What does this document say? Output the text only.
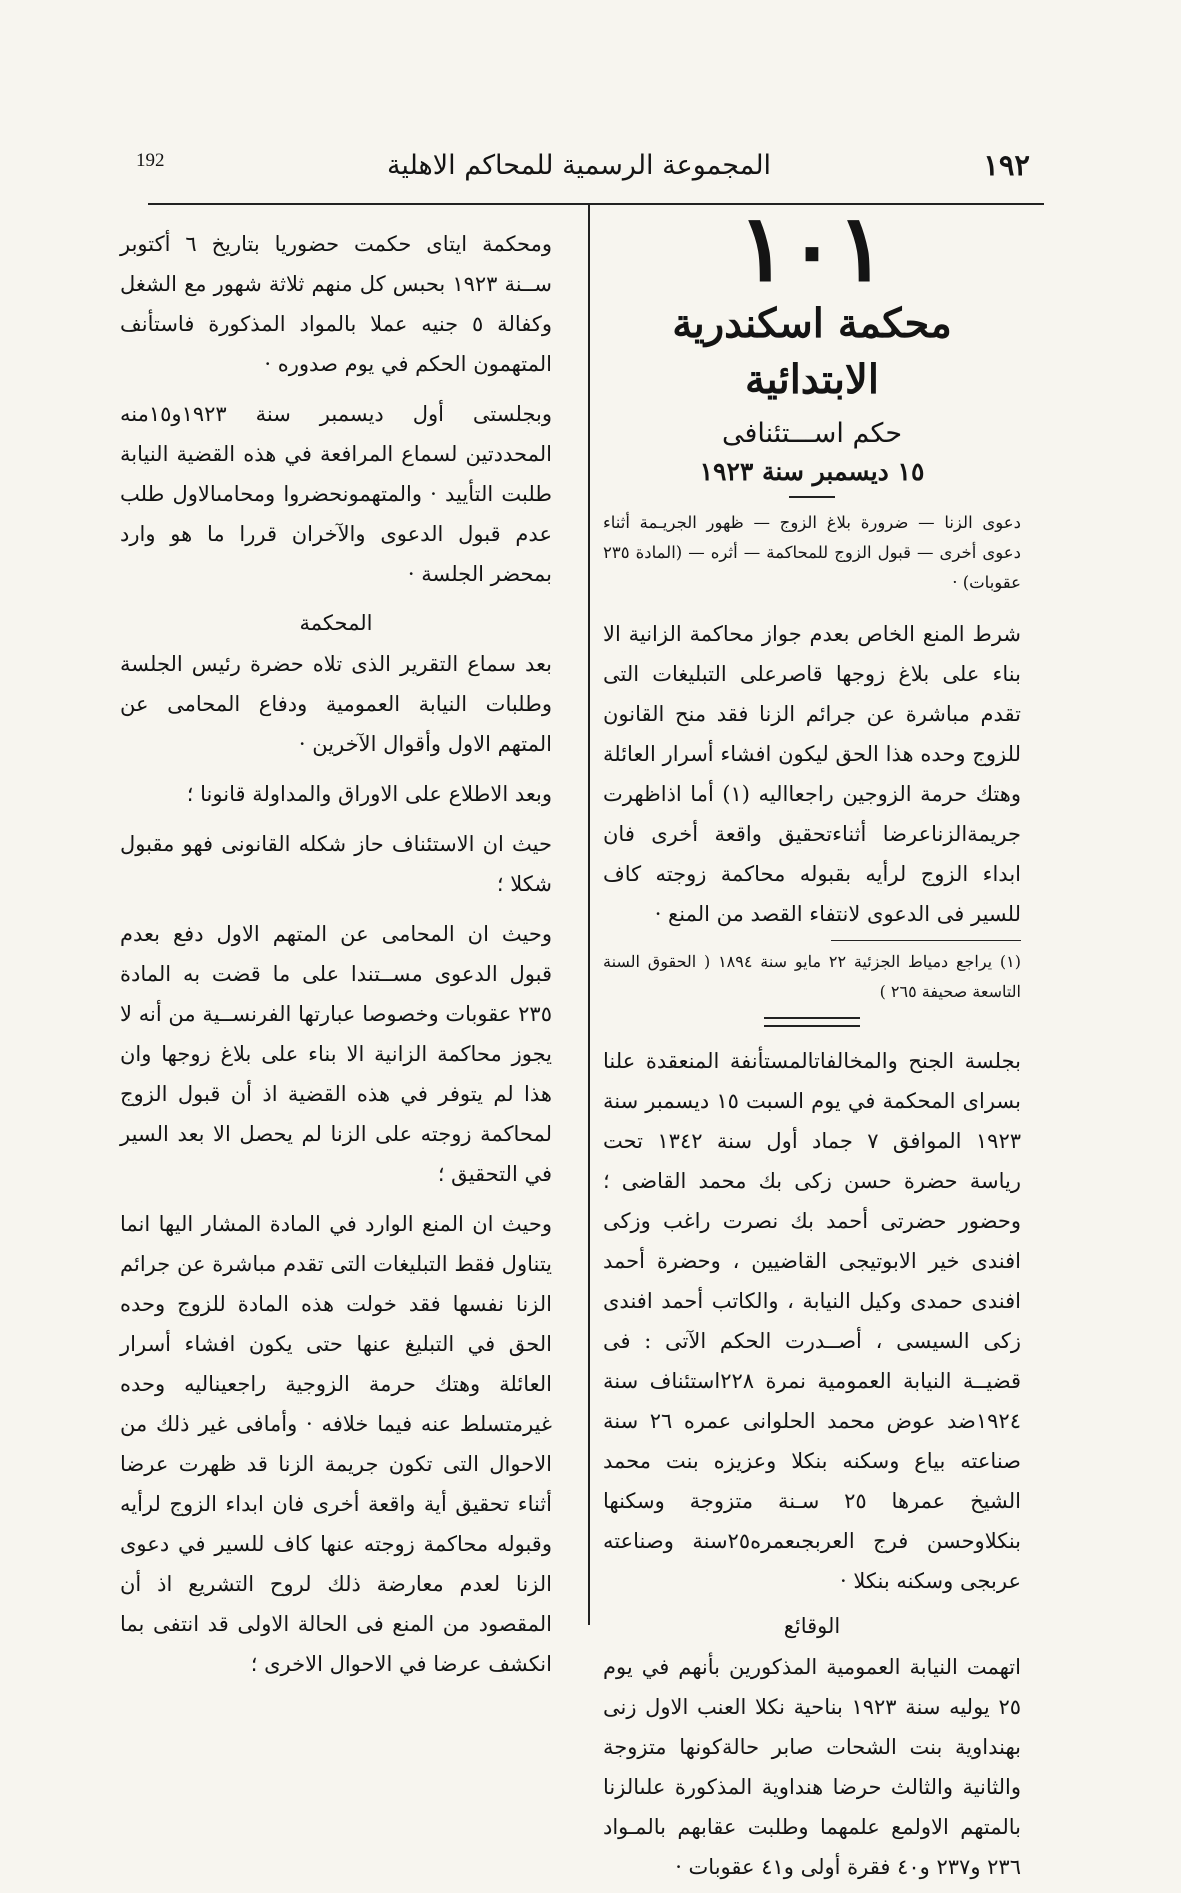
192	المجموعة الرسمية للمحاكم الاهلية	١٩٢

١٠١

محكمة اسكندرية الابتدائية

حكم اســـتئنافى

١٥ ديسمبر سنة ١٩٢٣

دعوى الزنا — ضرورة بلاغ الزوج — ظهور الجريـمة أثناء دعوى أخرى — قبول الزوج للمحاكمة — أثره — (المادة ٢٣٥ عقوبات) ·

شرط المنع الخاص بعدم جواز محاكمة الزانية الا بناء على بلاغ زوجها قاصرعلى التبليغات التى تقدم مباشرة عن جرائم الزنا فقد منح القانون للزوج وحده هذا الحق ليكون افشاء أسرار العائلة وهتك حرمة الزوجين راجعااليه (١) أما اذاظهرت جريمةالزناعرضا أثناءتحقيق واقعة أخرى فان ابداء الزوج لرأيه بقبوله محاكمة زوجته كاف للسير فى الدعوى لانتفاء القصد من المنع ·

(١) يراجع دمياط الجزئية ٢٢ مايو سنة ١٨٩٤ ( الحقوق السنة التاسعة صحيفة ٢٦٥ )

بجلسة الجنح والمخالفاتالمستأنفة المنعقدة علنا بسراى المحكمة في يوم السبت ١٥ ديسمبر سنة ١٩٢٣ الموافق ٧ جماد أول سنة ١٣٤٢ تحت رياسة حضرة حسن زكى بك محمد القاضى ؛ وحضور حضرتى أحمد بك نصرت راغب وزكى افندى خير الابوتيجى القاضيين ، وحضرة أحمد افندى حمدى وكيل النيابة ، والكاتب أحمد افندى زكى السيسى ، أصــدرت الحكم الآتى : فى قضيــة النيابة العمومية نمرة ٢٢٨استئناف سنة ١٩٢٤ضد عوض محمد الحلوانى عمره ٢٦ سنة صناعته بياع وسكنه بنكلا وعزيزه بنت محمد الشيخ عمرها ٢٥ سـنة متزوجة وسكنها بنكلاوحسن فرج العربجىعمره٢٥سنة وصناعته عربجى وسكنه بنكلا ·

الوقائع

اتهمت النيابة العمومية المذكورين بأنهم في يوم ٢٥ يوليه سنة ١٩٢٣ بناحية نكلا العنب الاول زنى بهنداوية بنت الشحات صابر حالةكونها متزوجة والثانية والثالث حرضا هنداوية المذكورة علىالزنا بالمتهم الاولمع علمهما وطلبت عقابهم بالمـواد ٢٣٦ و٢٣٧ و٤٠ فقرة أولى و٤١ عقوبات ·

ومحكمة ايتاى حكمت حضوريا بتاريخ ٦ أكتوبر ســنة ١٩٢٣ بحبس كل منهم ثلاثة شهور مع الشغل وكفالة ٥ جنيه عملا بالمواد المذكورة فاستأنف المتهمون الحكم في يوم صدوره ·

وبجلستى أول ديسمبر سنة ١٩٢٣و١٥منه المحددتين لسماع المرافعة في هذه القضية النيابة طلبت التأييد · والمتهمونحضروا ومحامىالاول طلب عدم قبول الدعوى والآخران قررا ما هو وارد بمحضر الجلسة ·

المحكمة

بعد سماع التقرير الذى تلاه حضرة رئيس الجلسة وطلبات النيابة العمومية ودفاع المحامى عن المتهم الاول وأقوال الآخرين ·

وبعد الاطلاع على الاوراق والمداولة قانونا ؛

حيث ان الاستئناف حاز شكله القانونى فهو مقبول شكلا ؛

وحيث ان المحامى عن المتهم الاول دفع بعدم قبول الدعوى مســتندا على ما قضت به المادة ٢٣٥ عقوبات وخصوصا عبارتها الفرنســية من أنه لا يجوز محاكمة الزانية الا بناء على بلاغ زوجها وان هذا لم يتوفر في هذه القضية اذ أن قبول الزوج لمحاكمة زوجته على الزنا لم يحصل الا بعد السير في التحقيق ؛

وحيث ان المنع الوارد في المادة المشار اليها انما يتناول فقط التبليغات التى تقدم مباشرة عن جرائم الزنا نفسها فقد خولت هذه المادة للزوج وحده الحق في التبليغ عنها حتى يكون افشاء أسرار العائلة وهتك حرمة الزوجية راجعيناليه وحده غيرمتسلط عنه فيما خلافه · وأمافى غير ذلك من الاحوال التى تكون جريمة الزنا قد ظهرت عرضا أثناء تحقيق أية واقعة أخرى فان ابداء الزوج لرأيه وقبوله محاكمة زوجته عنها كاف للسير في دعوى الزنا لعدم معارضة ذلك لروح التشريع اذ أن المقصود من المنع فى الحالة الاولى قد انتفى بما انكشف عرضا في الاحوال الاخرى ؛
